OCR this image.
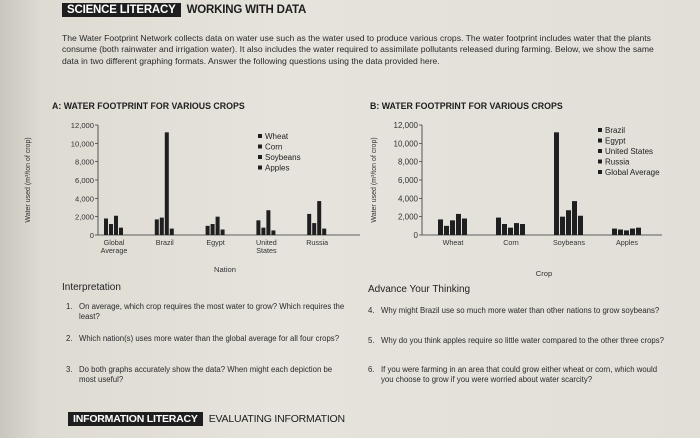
SCIENCE LITERACY WORKING WITH DATA
The Water Footprint Network collects data on water use such as the water used to produce various crops. The water footprint includes water that the plants consume (both rainwater and irrigation water). It also includes the water required to assimilate pollutants released during farming. Below, we show the same data in two different graphing formats. Answer the following questions using the data provided here.
A: WATER FOOTPRINT FOR VARIOUS CROPS	B: WATER FOOTPRINT FOR VARIOUS CROPS
0
2,000
4,000
6,000
8,000
10,000
12,000
Water used (m³/ton of crop)
Global
Average
Brazil	Egypt	United
States
Russia
Nation
Wheat
Corn
Soybeans
Apples
0
2,000
4,000
6,000
8,000
10,000
12,000
Water used (m³/ton of crop)
Wheat	Corn	Soybeans	Apples
Crop
Brazil
Egypt
United States
Russia
Global Average
Interpretation
1. On average, which crop requires the most water to grow? Which requires the least?
2. Which nation(s) uses more water than the global average for all four crops?
3. Do both graphs accurately show the data? When might each depiction be most useful?
Advance Your Thinking
4. Why might Brazil use so much more water than other nations to grow soybeans?
5. Why do you think apples require so little water compared to the other three crops?
6. If you were farming in an area that could grow either wheat or corn, which would you choose to grow if you were worried about water scarcity?
INFORMATION LITERACY	EVALUATING INFORMATION
